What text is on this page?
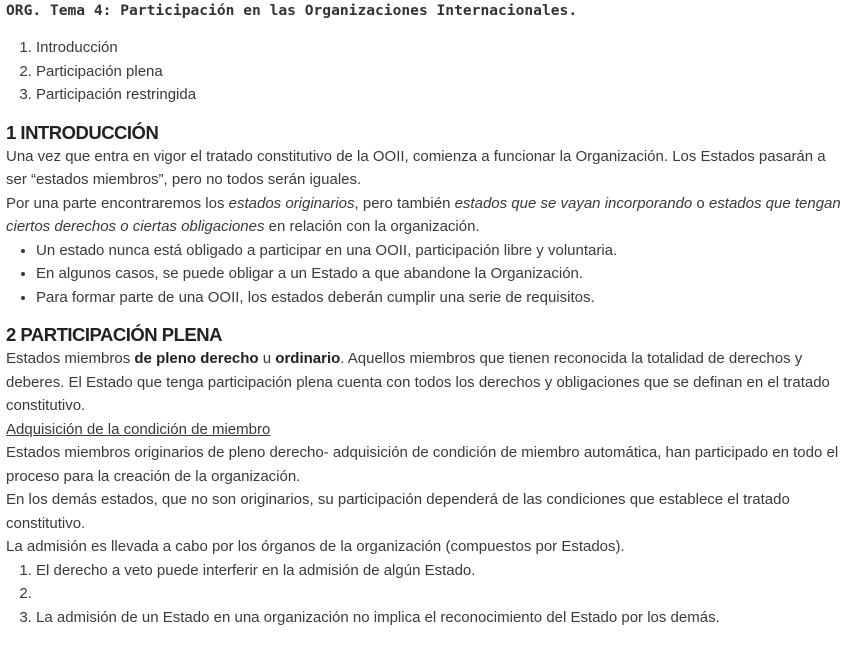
ORG. Tema 4: Participación en las Organizaciones Internacionales.
1. Introducción
2. Participación plena
3. Participación restringida
1 INTRODUCCIÓN

Una vez que entra en vigor el tratado constitutivo de la OOII, comienza a funcionar la Organización. Los Estados pasarán a ser “estados miembros”, pero no todos serán iguales.

Por una parte encontraremos los estados originarios, pero también estados que se vayan incorporando o estados que tengan ciertos derechos o ciertas obligaciones en relación con la organización.

• Un estado nunca está obligado a participar en una OOII, participación libre y voluntaria.
• En algunos casos, se puede obligar a un Estado a que abandone la Organización.
• Para formar parte de una OOII, los estados deberán cumplir una serie de requisitos.
2 PARTICIPACIÓN PLENA

Estados miembros de pleno derecho u ordinario. Aquellos miembros que tienen reconocida la totalidad de derechos y deberes. El Estado que tenga participación plena cuenta con todos los derechos y obligaciones que se definan en el tratado constitutivo.

Adquisición de la condición de miembro

Estados miembros originarios de pleno derecho- adquisición de condición de miembro automática, han participado en todo el proceso para la creación de la organización.

En los demás estados, que no son originarios, su participación dependerá de las condiciones que establece el tratado constitutivo.

La admisión es llevada a cabo por los órganos de la organización (compuestos por Estados).

1. El derecho a veto puede interferir en la admisión de algún Estado.
2.
3. La admisión de un Estado en una organización no implica el reconocimiento del Estado por los demás.
